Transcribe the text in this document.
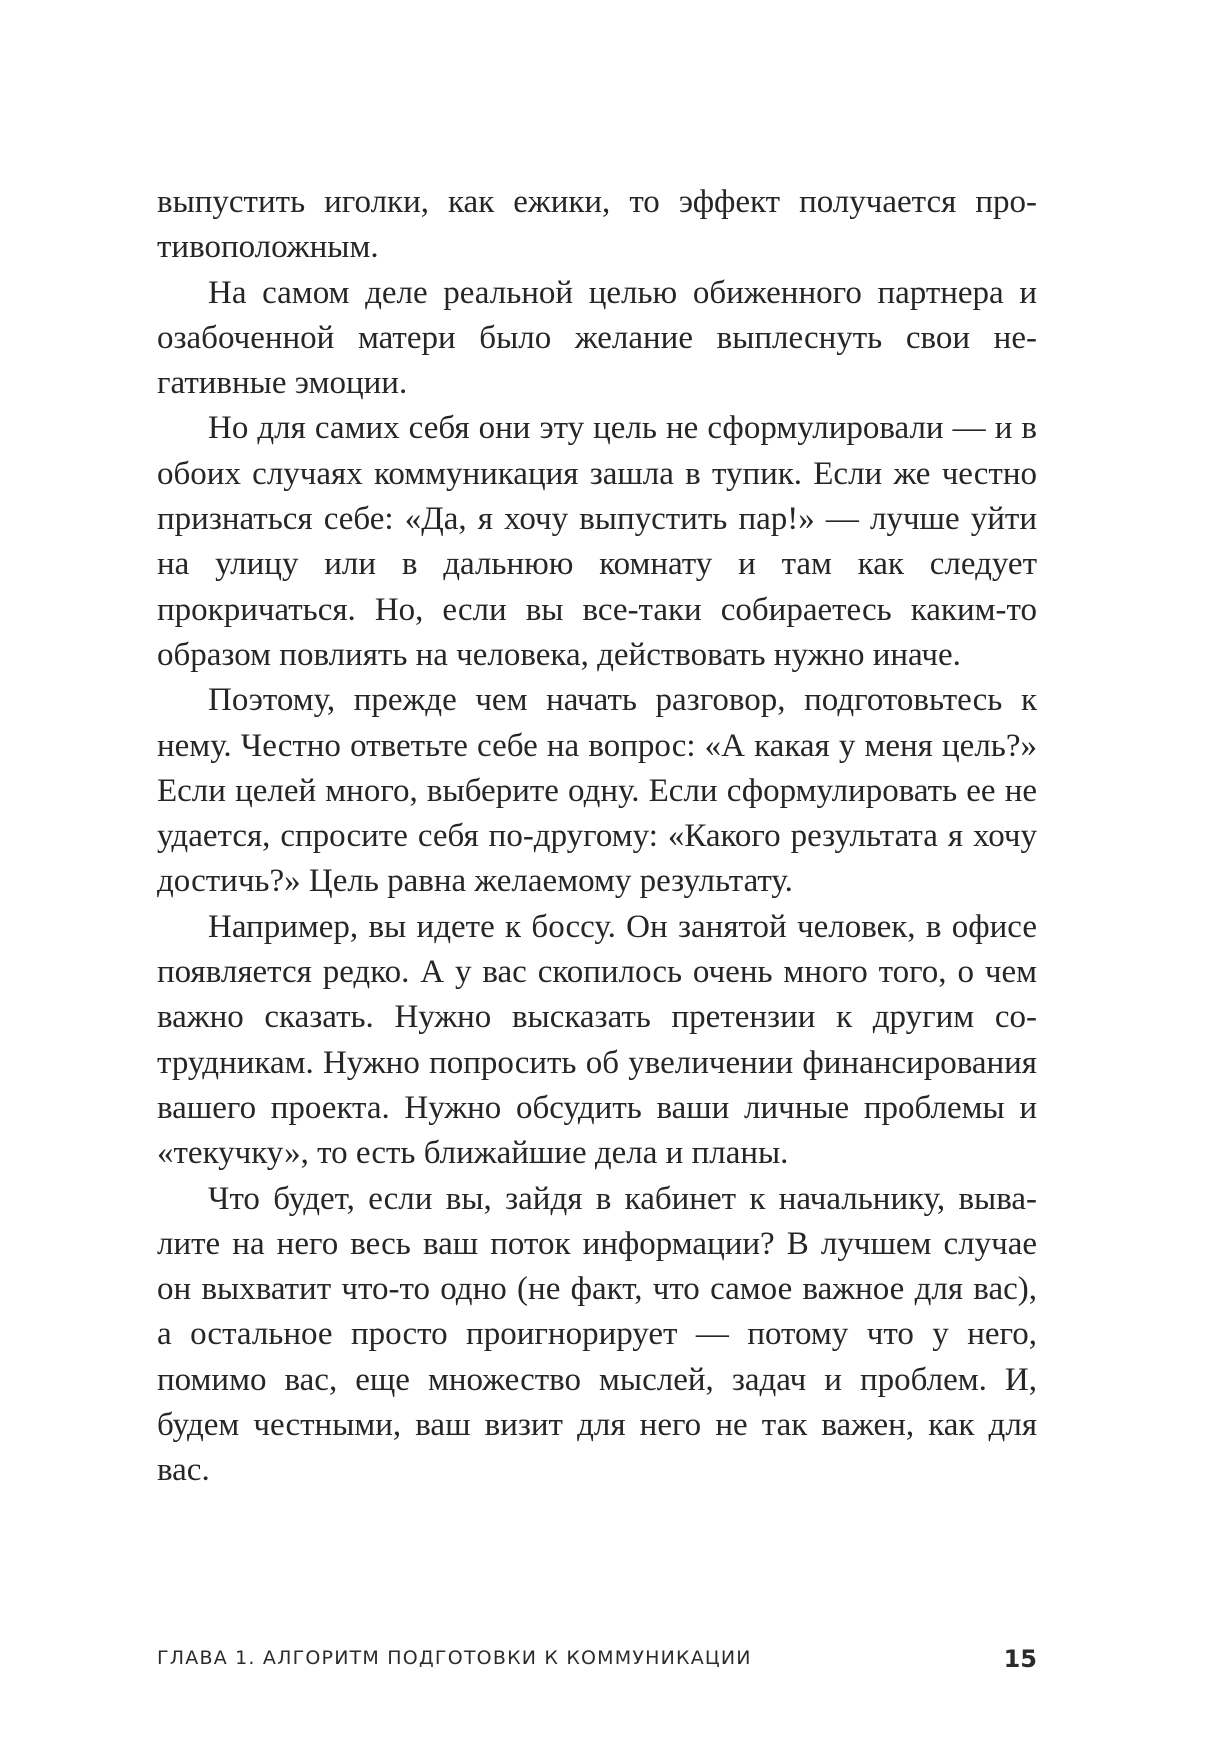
выпустить иголки, как ежики, то эффект получается противоположным.

На самом деле реальной целью обиженного партнера и озабоченной матери было желание выплеснуть свои негативные эмоции.

Но для самих себя они эту цель не сформулировали — и в обоих случаях коммуникация зашла в тупик. Если же честно признаться себе: «Да, я хочу выпустить пар!» — лучше уйти на улицу или в дальнюю комнату и там как следует прокричаться. Но, если вы все-таки собираетесь каким-то образом повлиять на человека, действовать нужно иначе.

Поэтому, прежде чем начать разговор, подготовьтесь к нему. Честно ответьте себе на вопрос: «А какая у меня цель?» Если целей много, выберите одну. Если сформулировать ее не удается, спросите себя по-другому: «Какого результата я хочу достичь?» Цель равна желаемому результату.

Например, вы идете к боссу. Он занятой человек, в офисе появляется редко. А у вас скопилось очень много того, о чем важно сказать. Нужно высказать претензии к другим сотрудникам. Нужно попросить об увеличении финансирования вашего проекта. Нужно обсудить ваши личные проблемы и «текучку», то есть ближайшие дела и планы.

Что будет, если вы, зайдя в кабинет к начальнику, вывалите на него весь ваш поток информации? В лучшем случае он выхватит что-то одно (не факт, что самое важное для вас), а остальное просто проигнорирует — потому что у него, помимо вас, еще множество мыслей, задач и проблем. И, будем честными, ваш визит для него не так важен, как для вас.

ГЛАВА 1. АЛГОРИТМ ПОДГОТОВКИ К КОММУНИКАЦИИ	15
